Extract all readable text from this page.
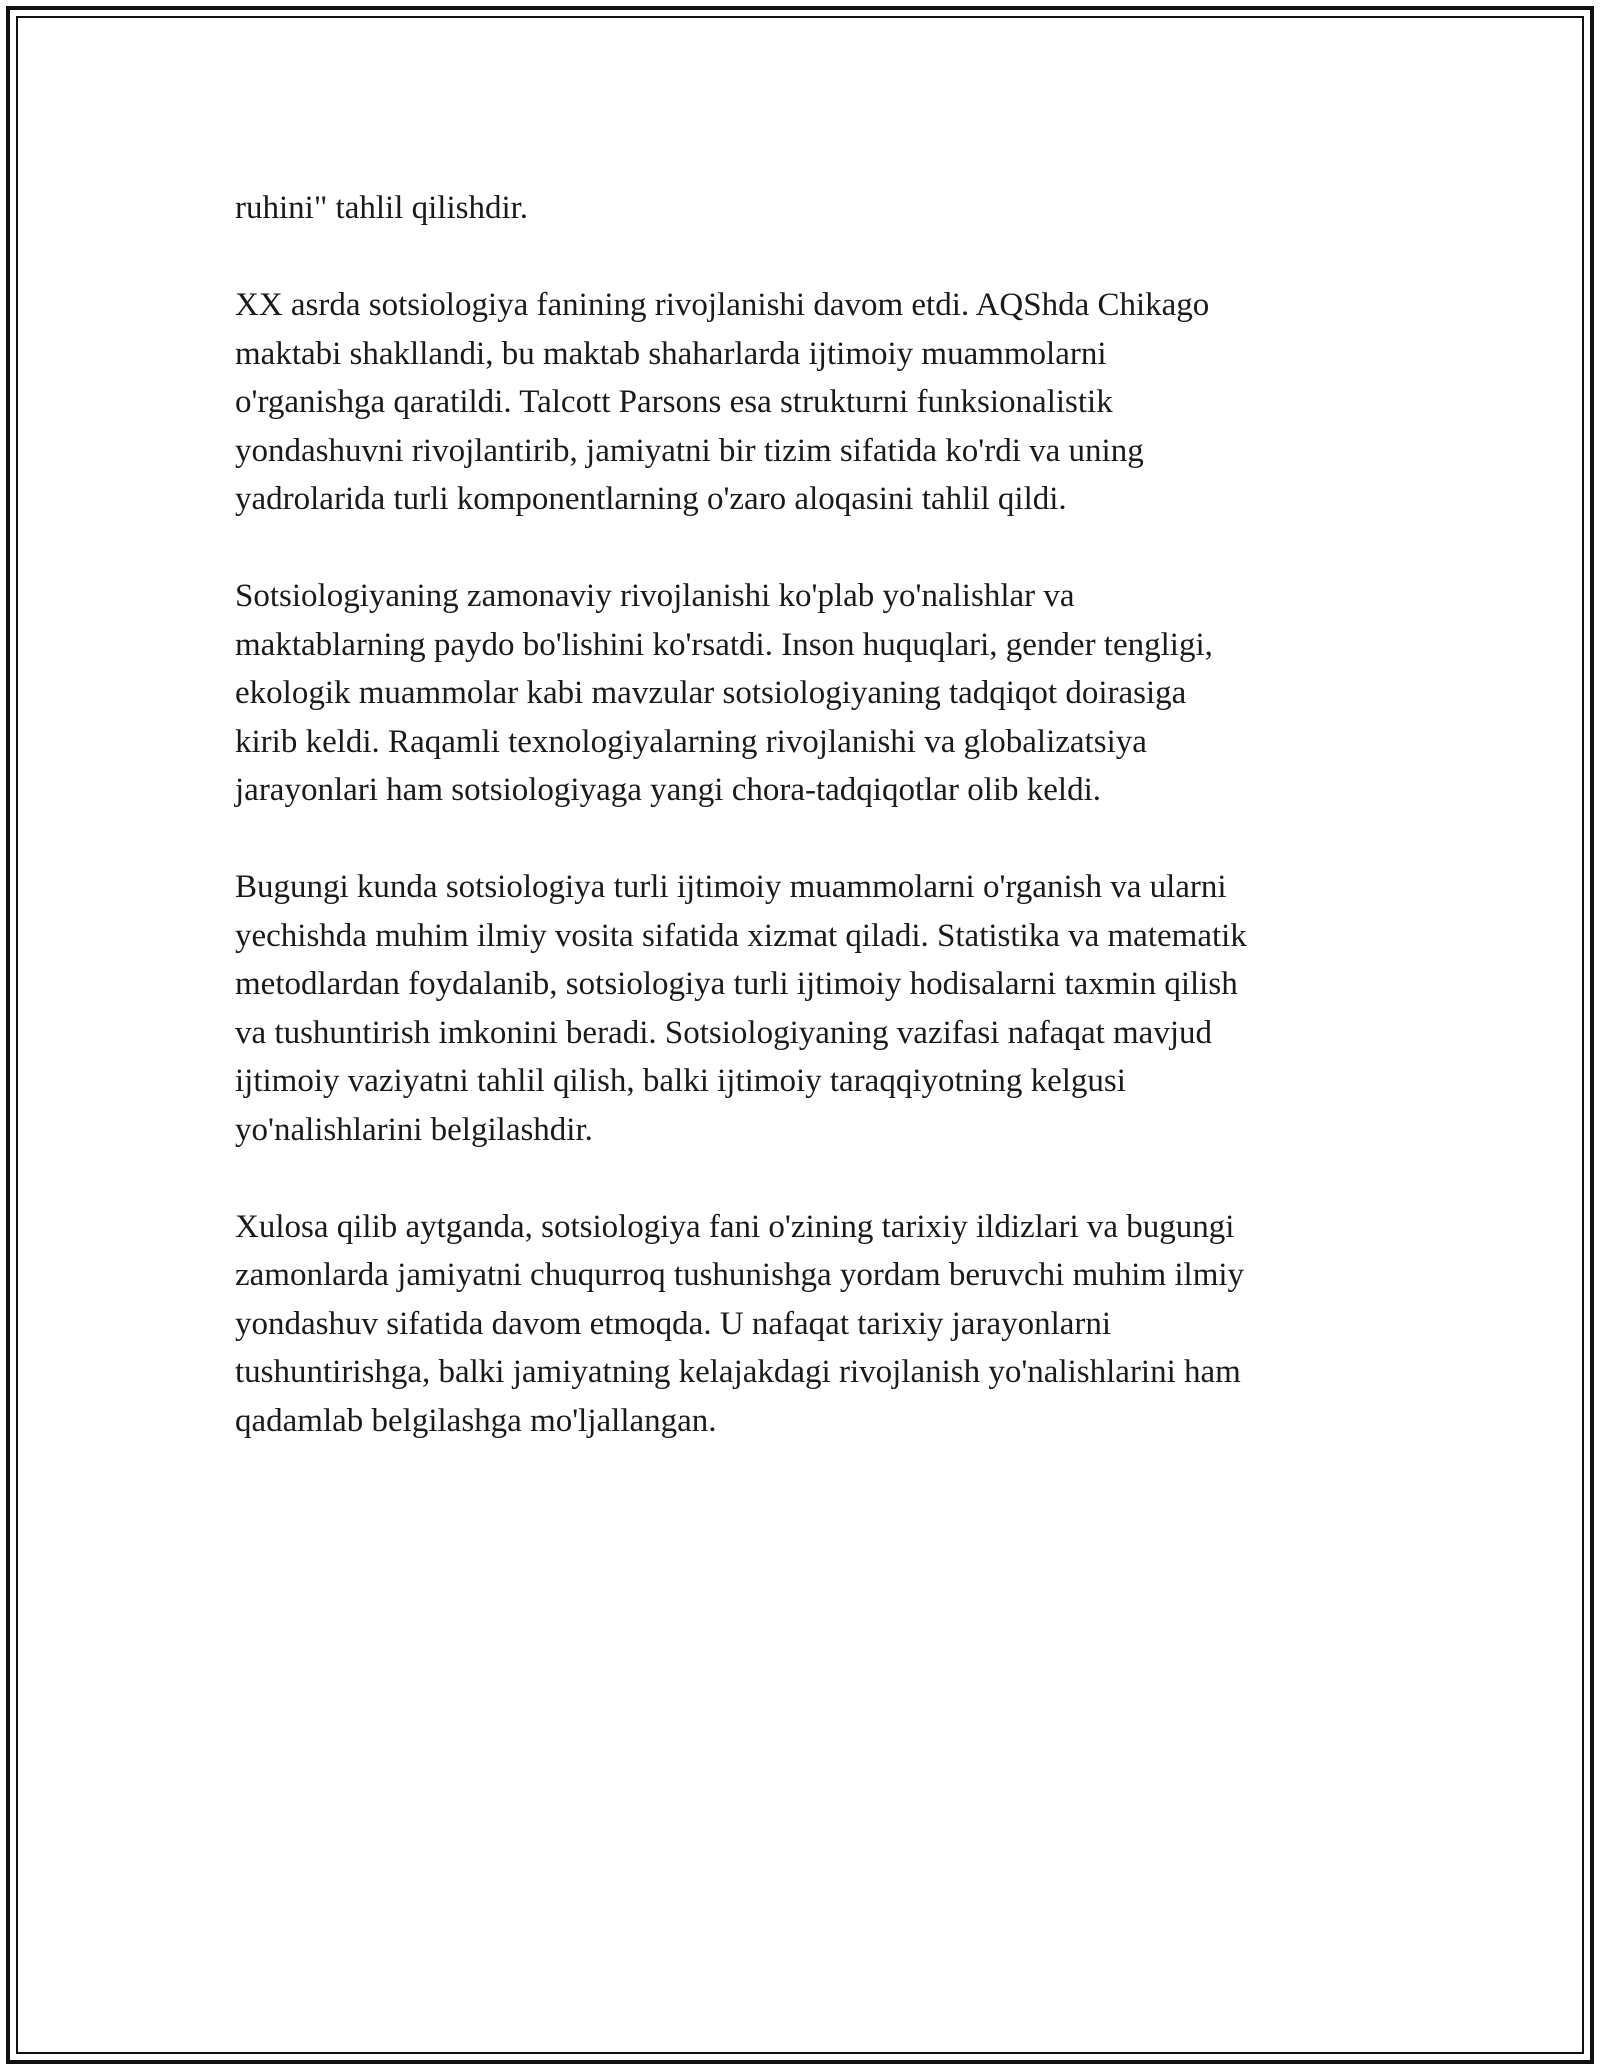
ruhini" tahlil qilishdir.

XX asrda sotsiologiya fanining rivojlanishi davom etdi. AQShda Chikago
maktabi shakllandi, bu maktab shaharlarda ijtimoiy muammolarni
o'rganishga qaratildi. Talcott Parsons esa strukturni funksionalistik
yondashuvni rivojlantirib, jamiyatni bir tizim sifatida ko'rdi va uning
yadrolarida turli komponentlarning o'zaro aloqasini tahlil qildi.

Sotsiologiyaning zamonaviy rivojlanishi ko'plab yo'nalishlar va
maktablarning paydo bo'lishini ko'rsatdi. Inson huquqlari, gender tengligi,
ekologik muammolar kabi mavzular sotsiologiyaning tadqiqot doirasiga
kirib keldi. Raqamli texnologiyalarning rivojlanishi va globalizatsiya
jarayonlari ham sotsiologiyaga yangi chora-tadqiqotlar olib keldi.

Bugungi kunda sotsiologiya turli ijtimoiy muammolarni o'rganish va ularni
yechishda muhim ilmiy vosita sifatida xizmat qiladi. Statistika va matematik
metodlardan foydalanib, sotsiologiya turli ijtimoiy hodisalarni taxmin qilish
va tushuntirish imkonini beradi. Sotsiologiyaning vazifasi nafaqat mavjud
ijtimoiy vaziyatni tahlil qilish, balki ijtimoiy taraqqiyotning kelgusi
yo'nalishlarini belgilashdir.

Xulosa qilib aytganda, sotsiologiya fani o'zining tarixiy ildizlari va bugungi
zamonlarda jamiyatni chuqurroq tushunishga yordam beruvchi muhim ilmiy
yondashuv sifatida davom etmoqda. U nafaqat tarixiy jarayonlarni
tushuntirishga, balki jamiyatning kelajakdagi rivojlanish yo'nalishlarini ham
qadamlab belgilashga mo'ljallangan.
